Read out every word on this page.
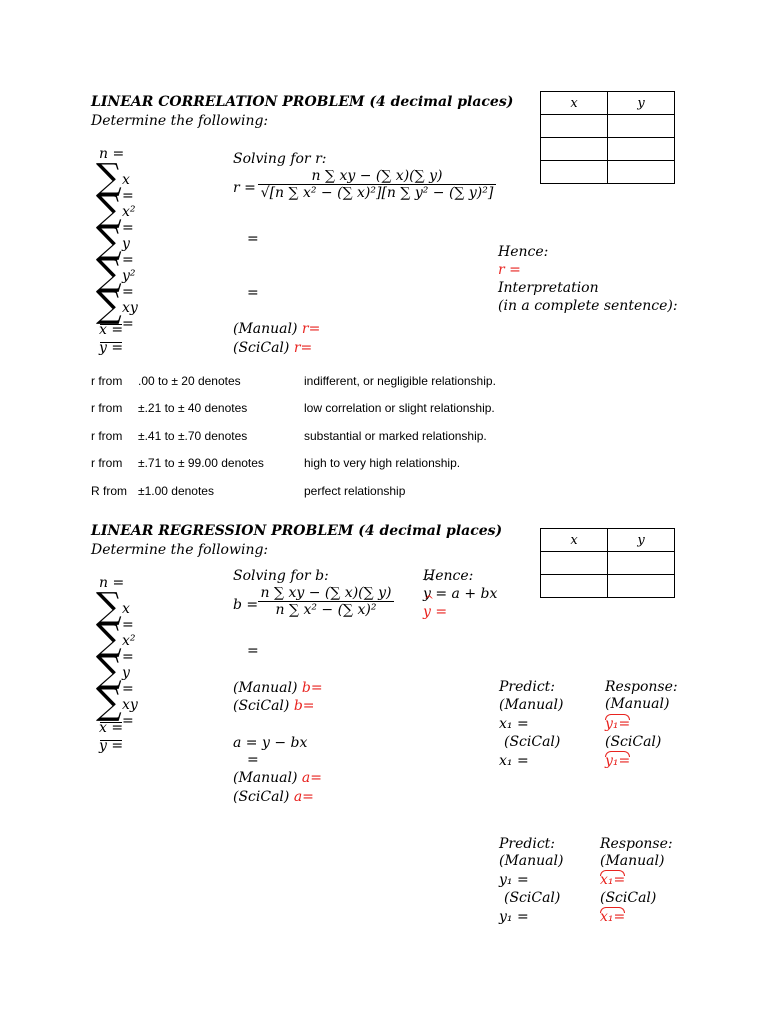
LINEAR CORRELATION PROBLEM (4 decimal places)
Determine the following:
x	y

n =
∑ x =
∑ x² =
∑ y =
∑ y² =
∑ xy =
x =
y =
Solving for r:
r =
n ∑ xy − (∑ x)(∑ y)
√[n ∑ x² − (∑ x)²][n ∑ y² − (∑ y)²]
=
=
(Manual) r=
(SciCal) r=
Hence:
r =
Interpretation
(in a complete sentence):
r from .00 to ± 20 denotes	indifferent, or negligible relationship.
r from ±.21 to ± 40 denotes	low correlation or slight relationship.
r from ±.41 to ±.70 denotes	substantial or marked relationship.
r from ±.71 to ± 99.00 denotes	high to very high relationship.
R from ±1.00 denotes	perfect relationship
LINEAR REGRESSION PROBLEM (4 decimal places)
Determine the following:
x	y

n =
∑ x =
∑ x² =
∑ y =
∑ xy =
x =
y =
Solving for b:
b =
n ∑ xy − (∑ x)(∑ y)
n ∑ x² − (∑ x)²
=
(Manual) b=
(SciCal) b=
a = y − bx
=
(Manual) a=
(SciCal) a=
Hence:
^ y = a + bx
^ y =
Predict:
(Manual)
x₁ =
(SciCal)
x₁ =
Response:
(Manual)
y₁=
(SciCal)
y₁=
Predict:
(Manual)
y₁ =
(SciCal)
y₁ =
Response:
(Manual)
x₁=
(SciCal)
x₁=
